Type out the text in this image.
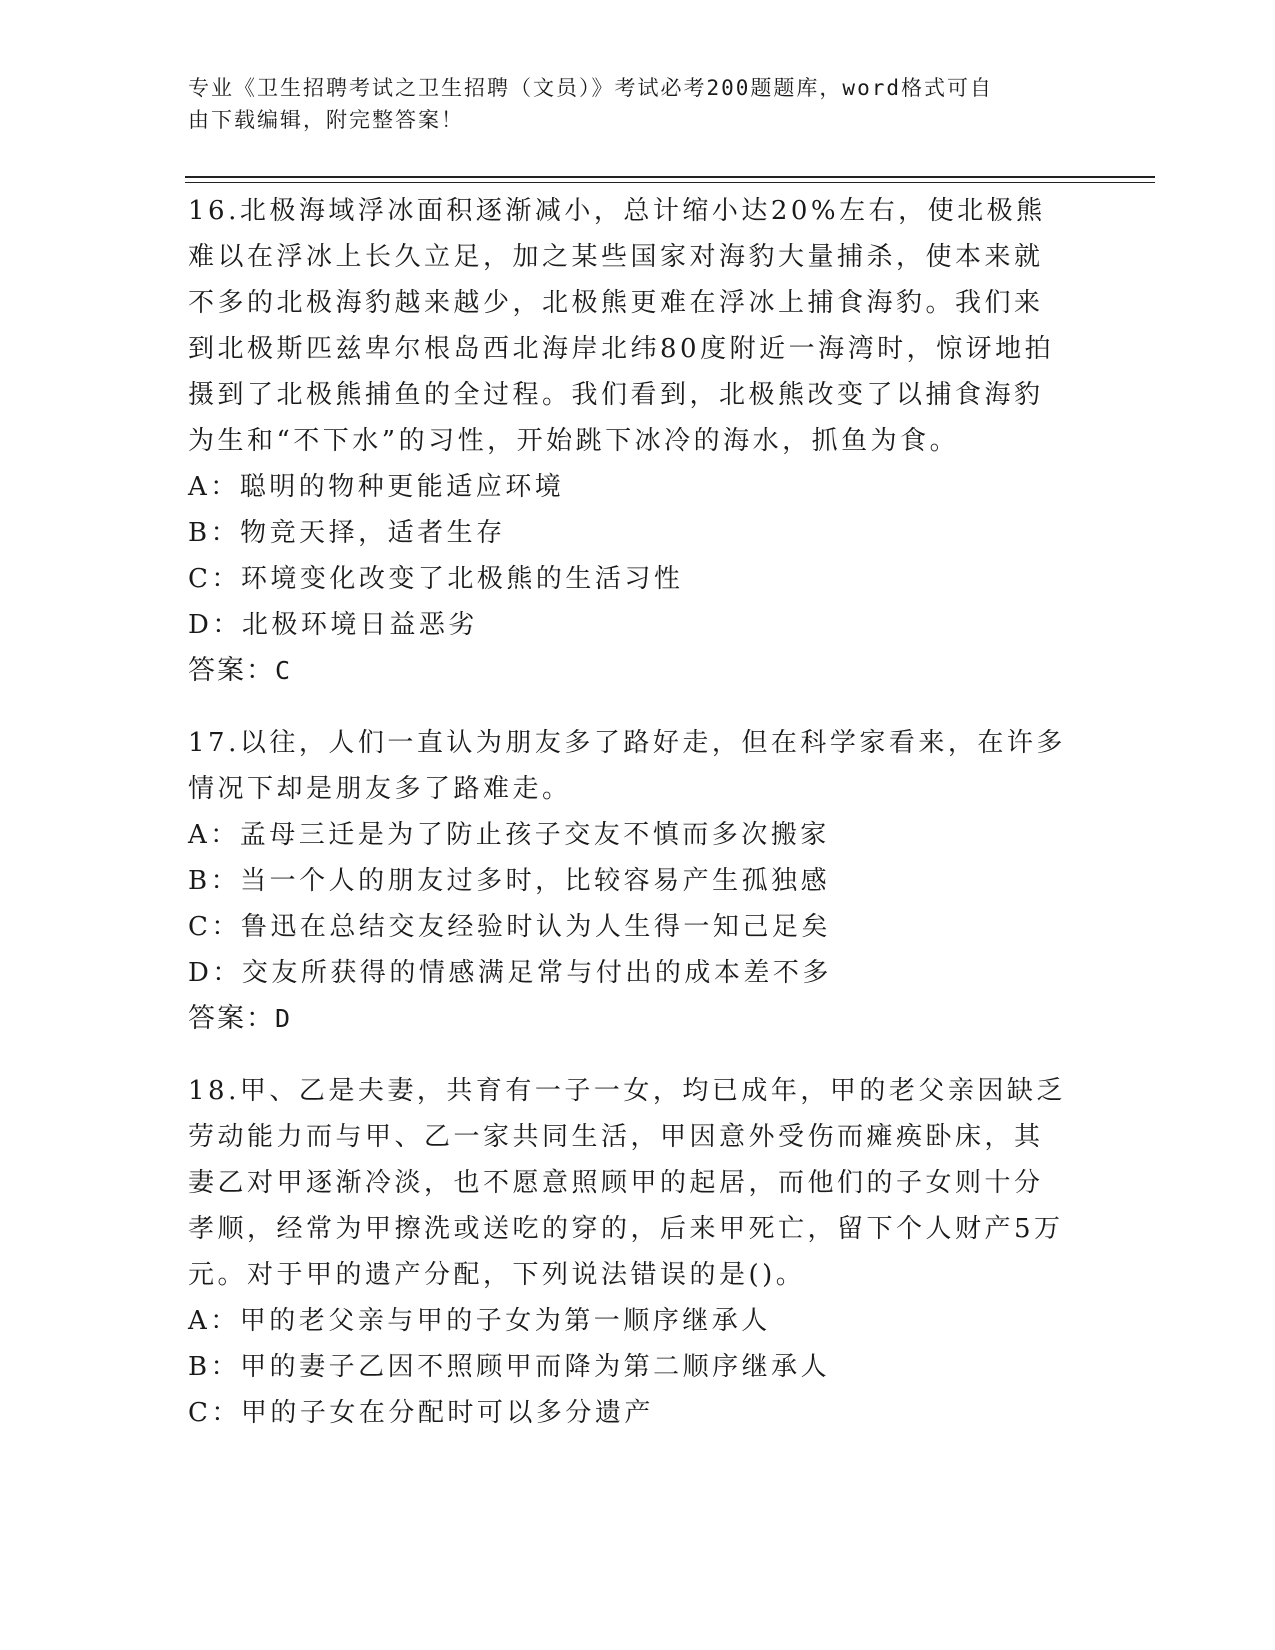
专业《卫生招聘考试之卫生招聘（文员）》考试必考200题题库，word格式可自
由下载编辑，附完整答案！

16.北极海域浮冰面积逐渐减小，总计缩小达20%左右，使北极熊难以在浮冰上长久立足，加之某些国家对海豹大量捕杀，使本来就不多的北极海豹越来越少，北极熊更难在浮冰上捕食海豹。我们来到北极斯匹兹卑尔根岛西北海岸北纬80度附近一海湾时，惊讶地拍摄到了北极熊捕鱼的全过程。我们看到，北极熊改变了以捕食海豹为生和“不下水”的习性，开始跳下冰冷的海水，抓鱼为食。

A：聪明的物种更能适应环境

B：物竞天择，适者生存

C：环境变化改变了北极熊的生活习性

D：北极环境日益恶劣

答案：C

17.以往，人们一直认为朋友多了路好走，但在科学家看来，在许多情况下却是朋友多了路难走。

A：孟母三迁是为了防止孩子交友不慎而多次搬家

B：当一个人的朋友过多时，比较容易产生孤独感

C：鲁迅在总结交友经验时认为人生得一知己足矣

D：交友所获得的情感满足常与付出的成本差不多

答案：D

18.甲、乙是夫妻，共育有一子一女，均已成年，甲的老父亲因缺乏劳动能力而与甲、乙一家共同生活，甲因意外受伤而瘫痪卧床，其妻乙对甲逐渐冷淡，也不愿意照顾甲的起居，而他们的子女则十分孝顺，经常为甲擦洗或送吃的穿的，后来甲死亡，留下个人财产5万元。对于甲的遗产分配，下列说法错误的是()。

A：甲的老父亲与甲的子女为第一顺序继承人

B：甲的妻子乙因不照顾甲而降为第二顺序继承人

C：甲的子女在分配时可以多分遗产
